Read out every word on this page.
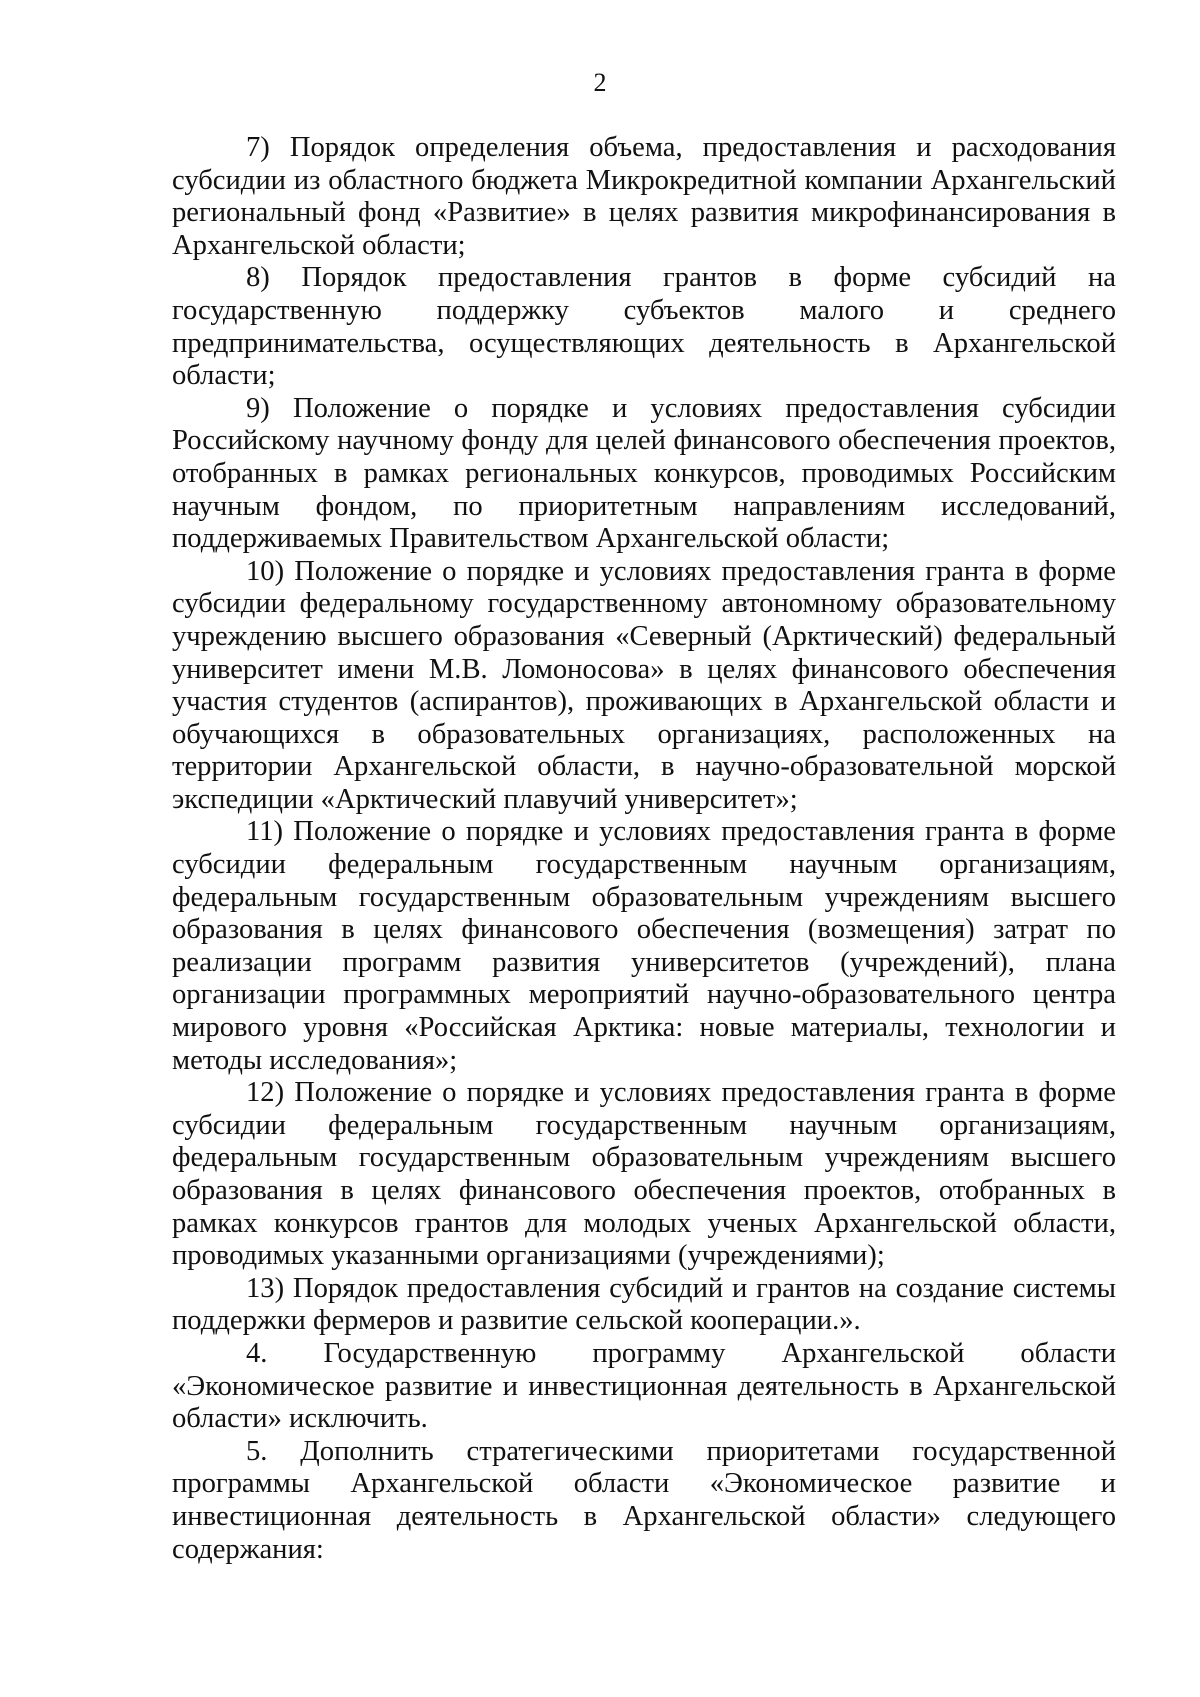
2

7) Порядок определения объема, предоставления и расходования субсидии из областного бюджета Микрокредитной компании Архангельский региональный фонд «Развитие» в целях развития микрофинансирования в Архангельской области;

8) Порядок предоставления грантов в форме субсидий на государственную поддержку субъектов малого и среднего предпринимательства, осуществляющих деятельность в Архангельской области;

9) Положение о порядке и условиях предоставления субсидии Российскому научному фонду для целей финансового обеспечения проектов, отобранных в рамках региональных конкурсов, проводимых Российским научным фондом, по приоритетным направлениям исследований, поддерживаемых Правительством Архангельской области;

10) Положение о порядке и условиях предоставления гранта в форме субсидии федеральному государственному автономному образовательному учреждению высшего образования «Северный (Арктический) федеральный университет имени М.В. Ломоносова» в целях финансового обеспечения участия студентов (аспирантов), проживающих в Архангельской области и обучающихся в образовательных организациях, расположенных на территории Архангельской области, в научно-образовательной морской экспедиции «Арктический плавучий университет»;

11) Положение о порядке и условиях предоставления гранта в форме субсидии федеральным государственным научным организациям, федеральным государственным образовательным учреждениям высшего образования в целях финансового обеспечения (возмещения) затрат по реализации программ развития университетов (учреждений), плана организации программных мероприятий научно-образовательного центра мирового уровня «Российская Арктика: новые материалы, технологии и методы исследования»;

12) Положение о порядке и условиях предоставления гранта в форме субсидии федеральным государственным научным организациям, федеральным государственным образовательным учреждениям высшего образования в целях финансового обеспечения проектов, отобранных в рамках конкурсов грантов для молодых ученых Архангельской области, проводимых указанными организациями (учреждениями);

13) Порядок предоставления субсидий и грантов на создание системы поддержки фермеров и развитие сельской кооперации.».

4. Государственную программу Архангельской области «Экономическое развитие и инвестиционная деятельность в Архангельской области» исключить.

5. Дополнить стратегическими приоритетами государственной программы Архангельской области «Экономическое развитие и инвестиционная деятельность в Архангельской области» следующего содержания:
